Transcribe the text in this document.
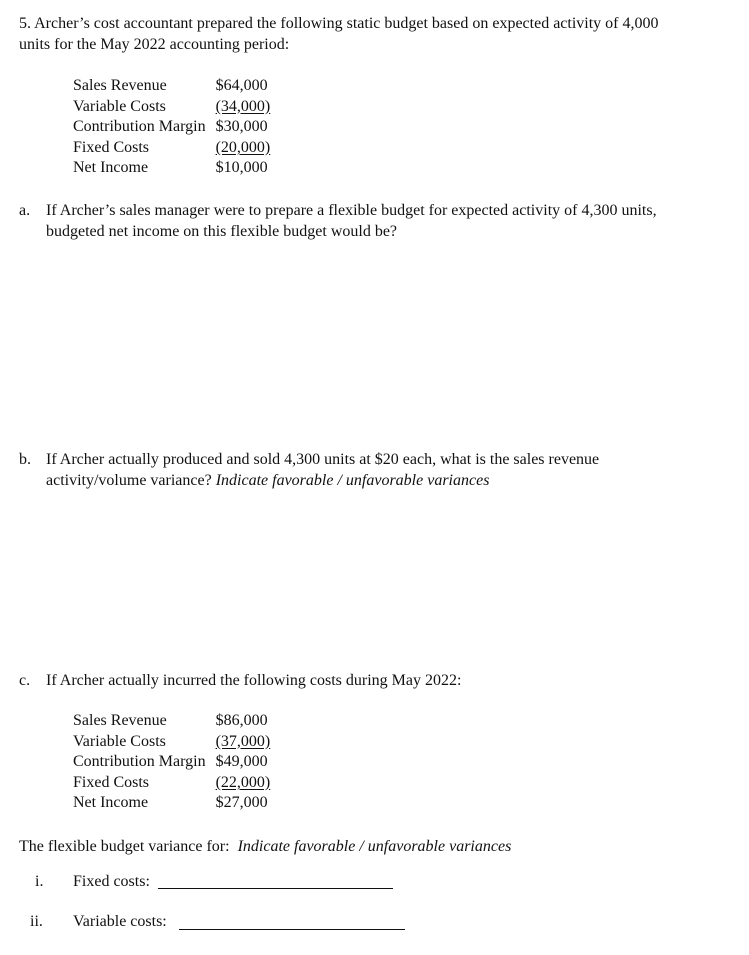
5. Archer’s cost accountant prepared the following static budget based on expected activity of 4,000
units for the May 2022 accounting period:
Sales Revenue	$64,000
Variable Costs	(34,000)
Contribution Margin	$30,000
Fixed Costs	(20,000)
Net Income	$10,000
a. If Archer’s sales manager were to prepare a flexible budget for expected activity of 4,300 units,
budgeted net income on this flexible budget would be?
b. If Archer actually produced and sold 4,300 units at $20 each, what is the sales revenue
activity/volume variance? Indicate favorable / unfavorable variances
c. If Archer actually incurred the following costs during May 2022:
Sales Revenue	$86,000
Variable Costs	(37,000)
Contribution Margin	$49,000
Fixed Costs	(22,000)
Net Income	$27,000
The flexible budget variance for:  Indicate favorable / unfavorable variances
i. Fixed costs:
ii. Variable costs:
